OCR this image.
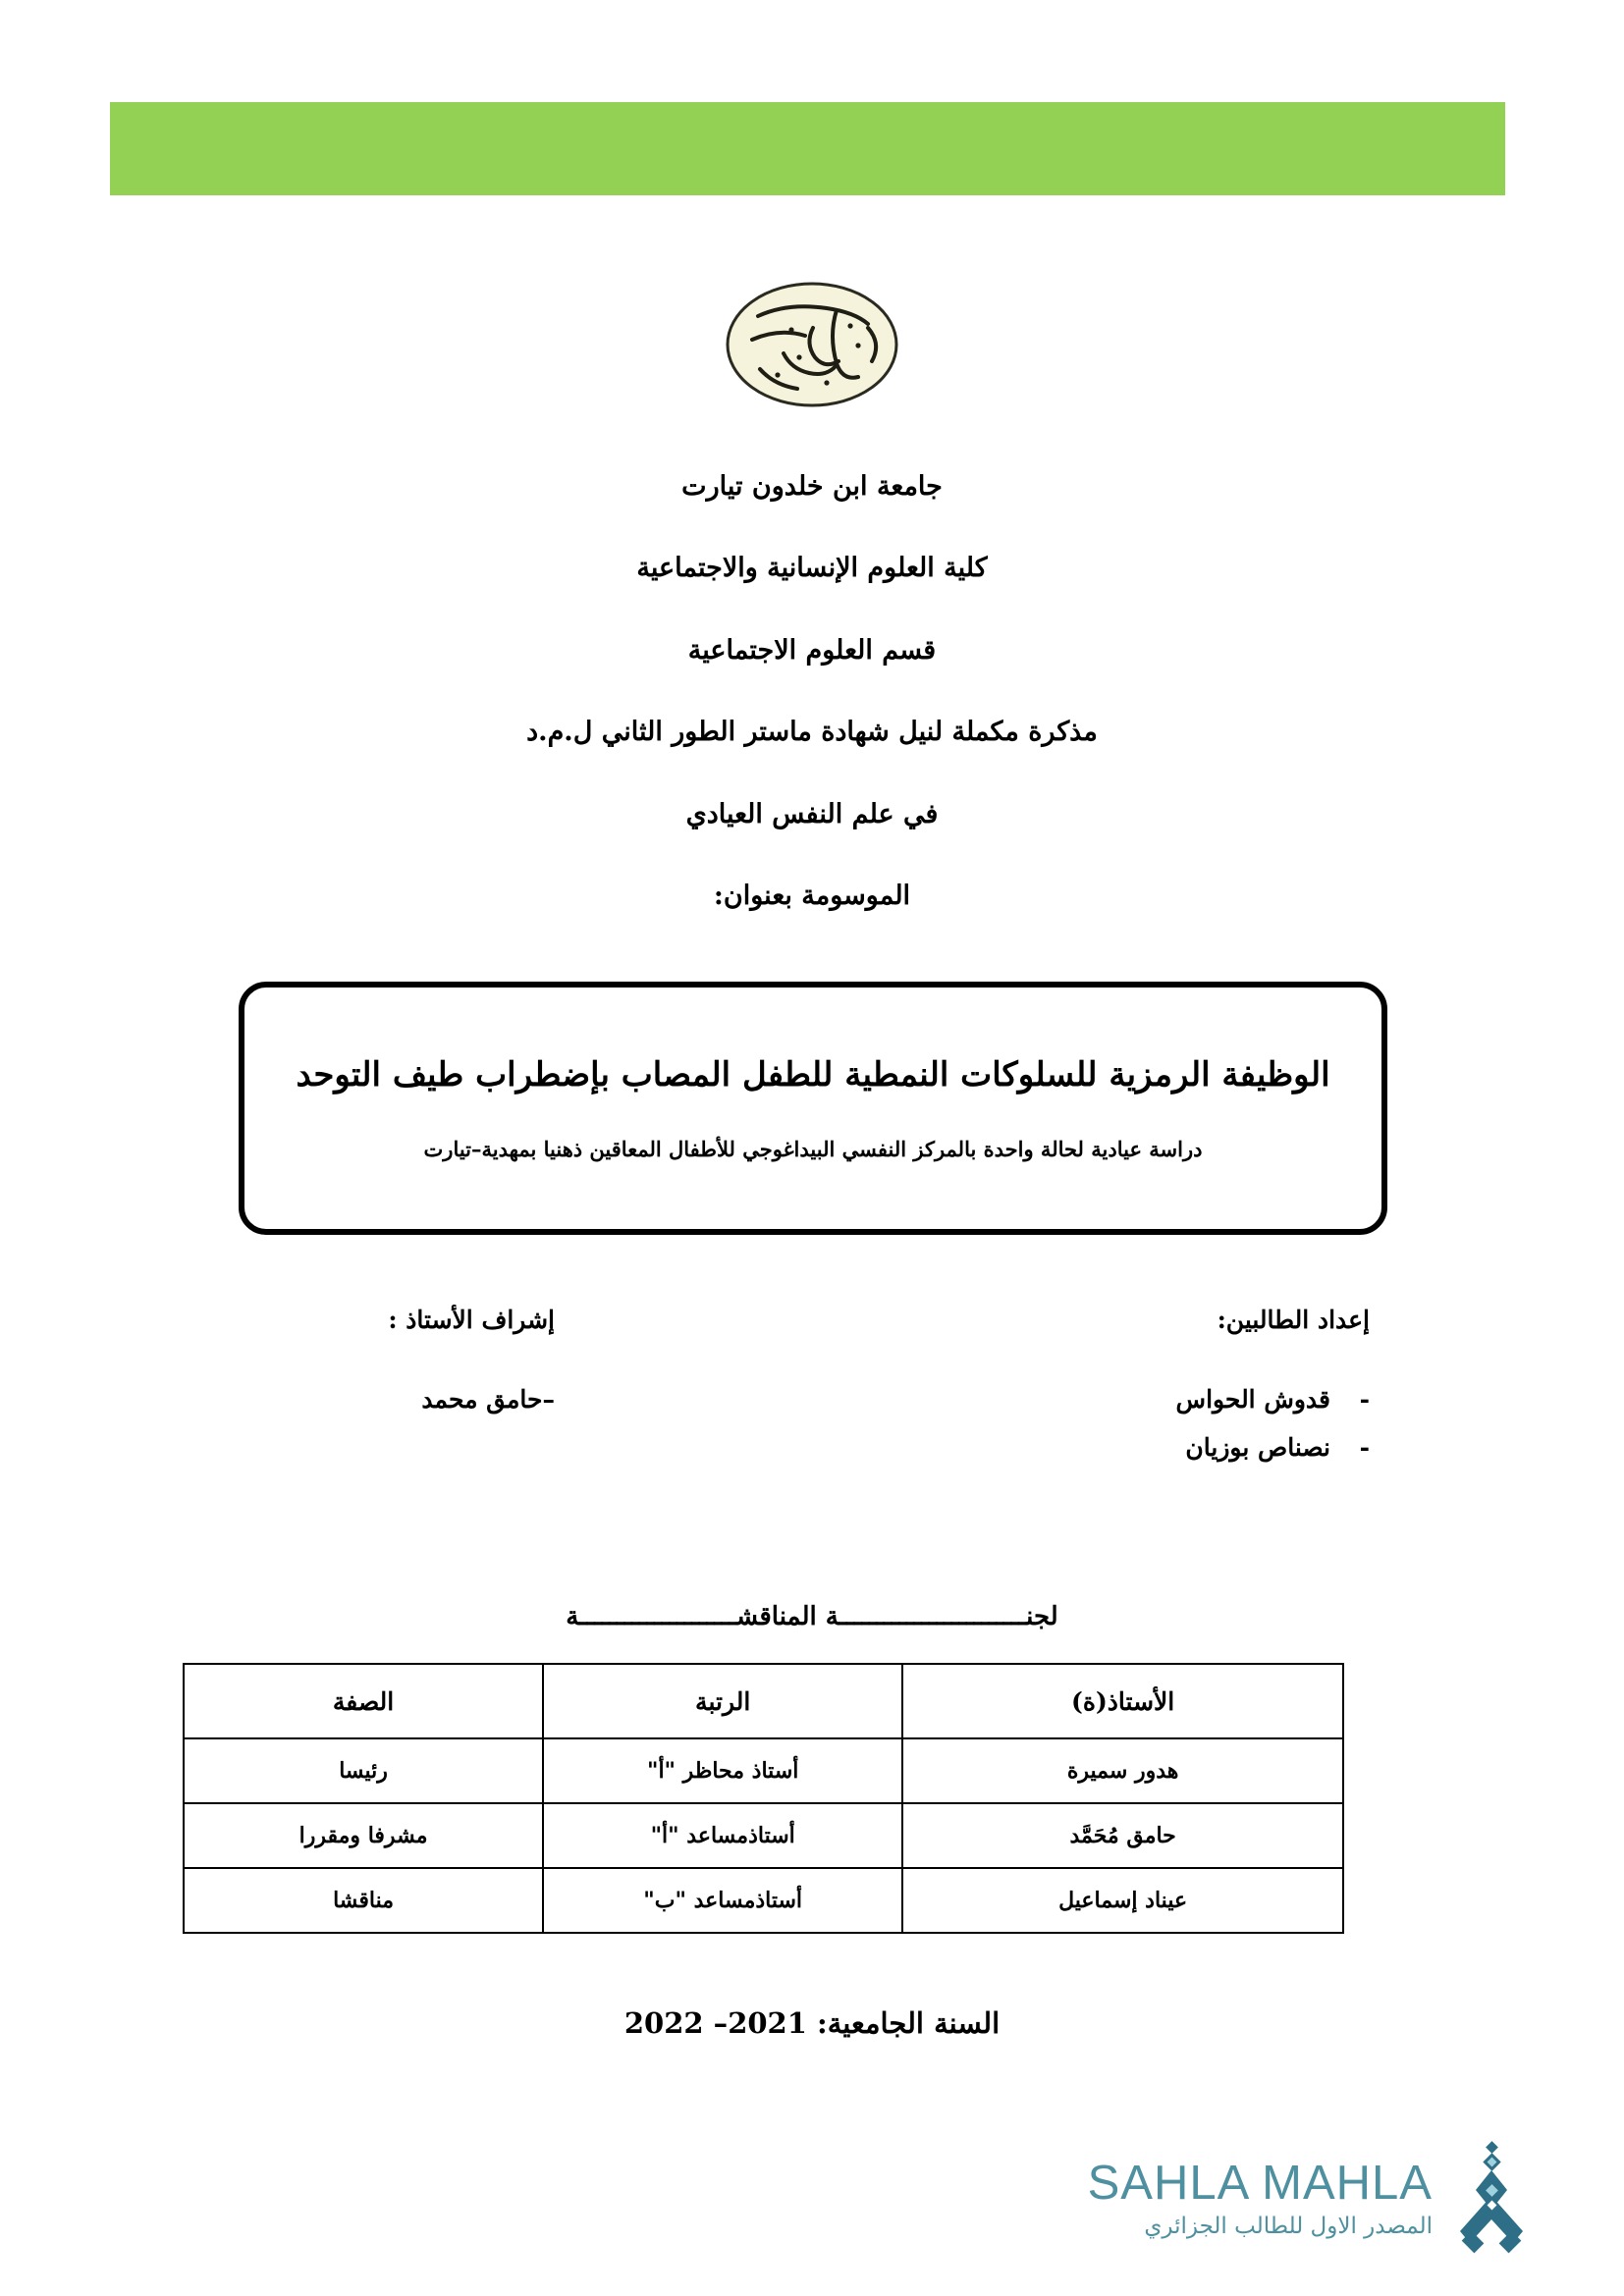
جامعة ابن خلدون تيارت
كلية العلوم الإنسانية والاجتماعية
قسم العلوم الاجتماعية
مذكرة مكملة لنيل شهادة ماستر الطور الثاني ل.م.د
في علم النفس العيادي
الموسومة بعنوان:
الوظيفة الرمزية للسلوكات النمطية للطفل المصاب بإضطراب طيف التوحد
دراسة عيادية لحالة واحدة بالمركز النفسي البيداغوجي للأطفال المعاقين ذهنيا بمهدية–تيارت
إعداد الطالبين:
- قدوش الحواس
- نصناص بوزيان
إشراف الأستاذ :
–حامق محمد
لجنـــــــــــــــــــــــــة المناقشـــــــــــــــــــــة
الأستاذ(ة)	الرتبة	الصفة
هدور سميرة	أستاذ محاظر "أ"	رئيسا
حامق مُحَمَّد	أستاذمساعد "أ"	مشرفا ومقررا
عيناد إسماعيل	أستاذمساعد "ب"	مناقشا
السنة الجامعية: 2021– 2022
SAHLA MAHLA
المصدر الاول للطالب الجزائري
